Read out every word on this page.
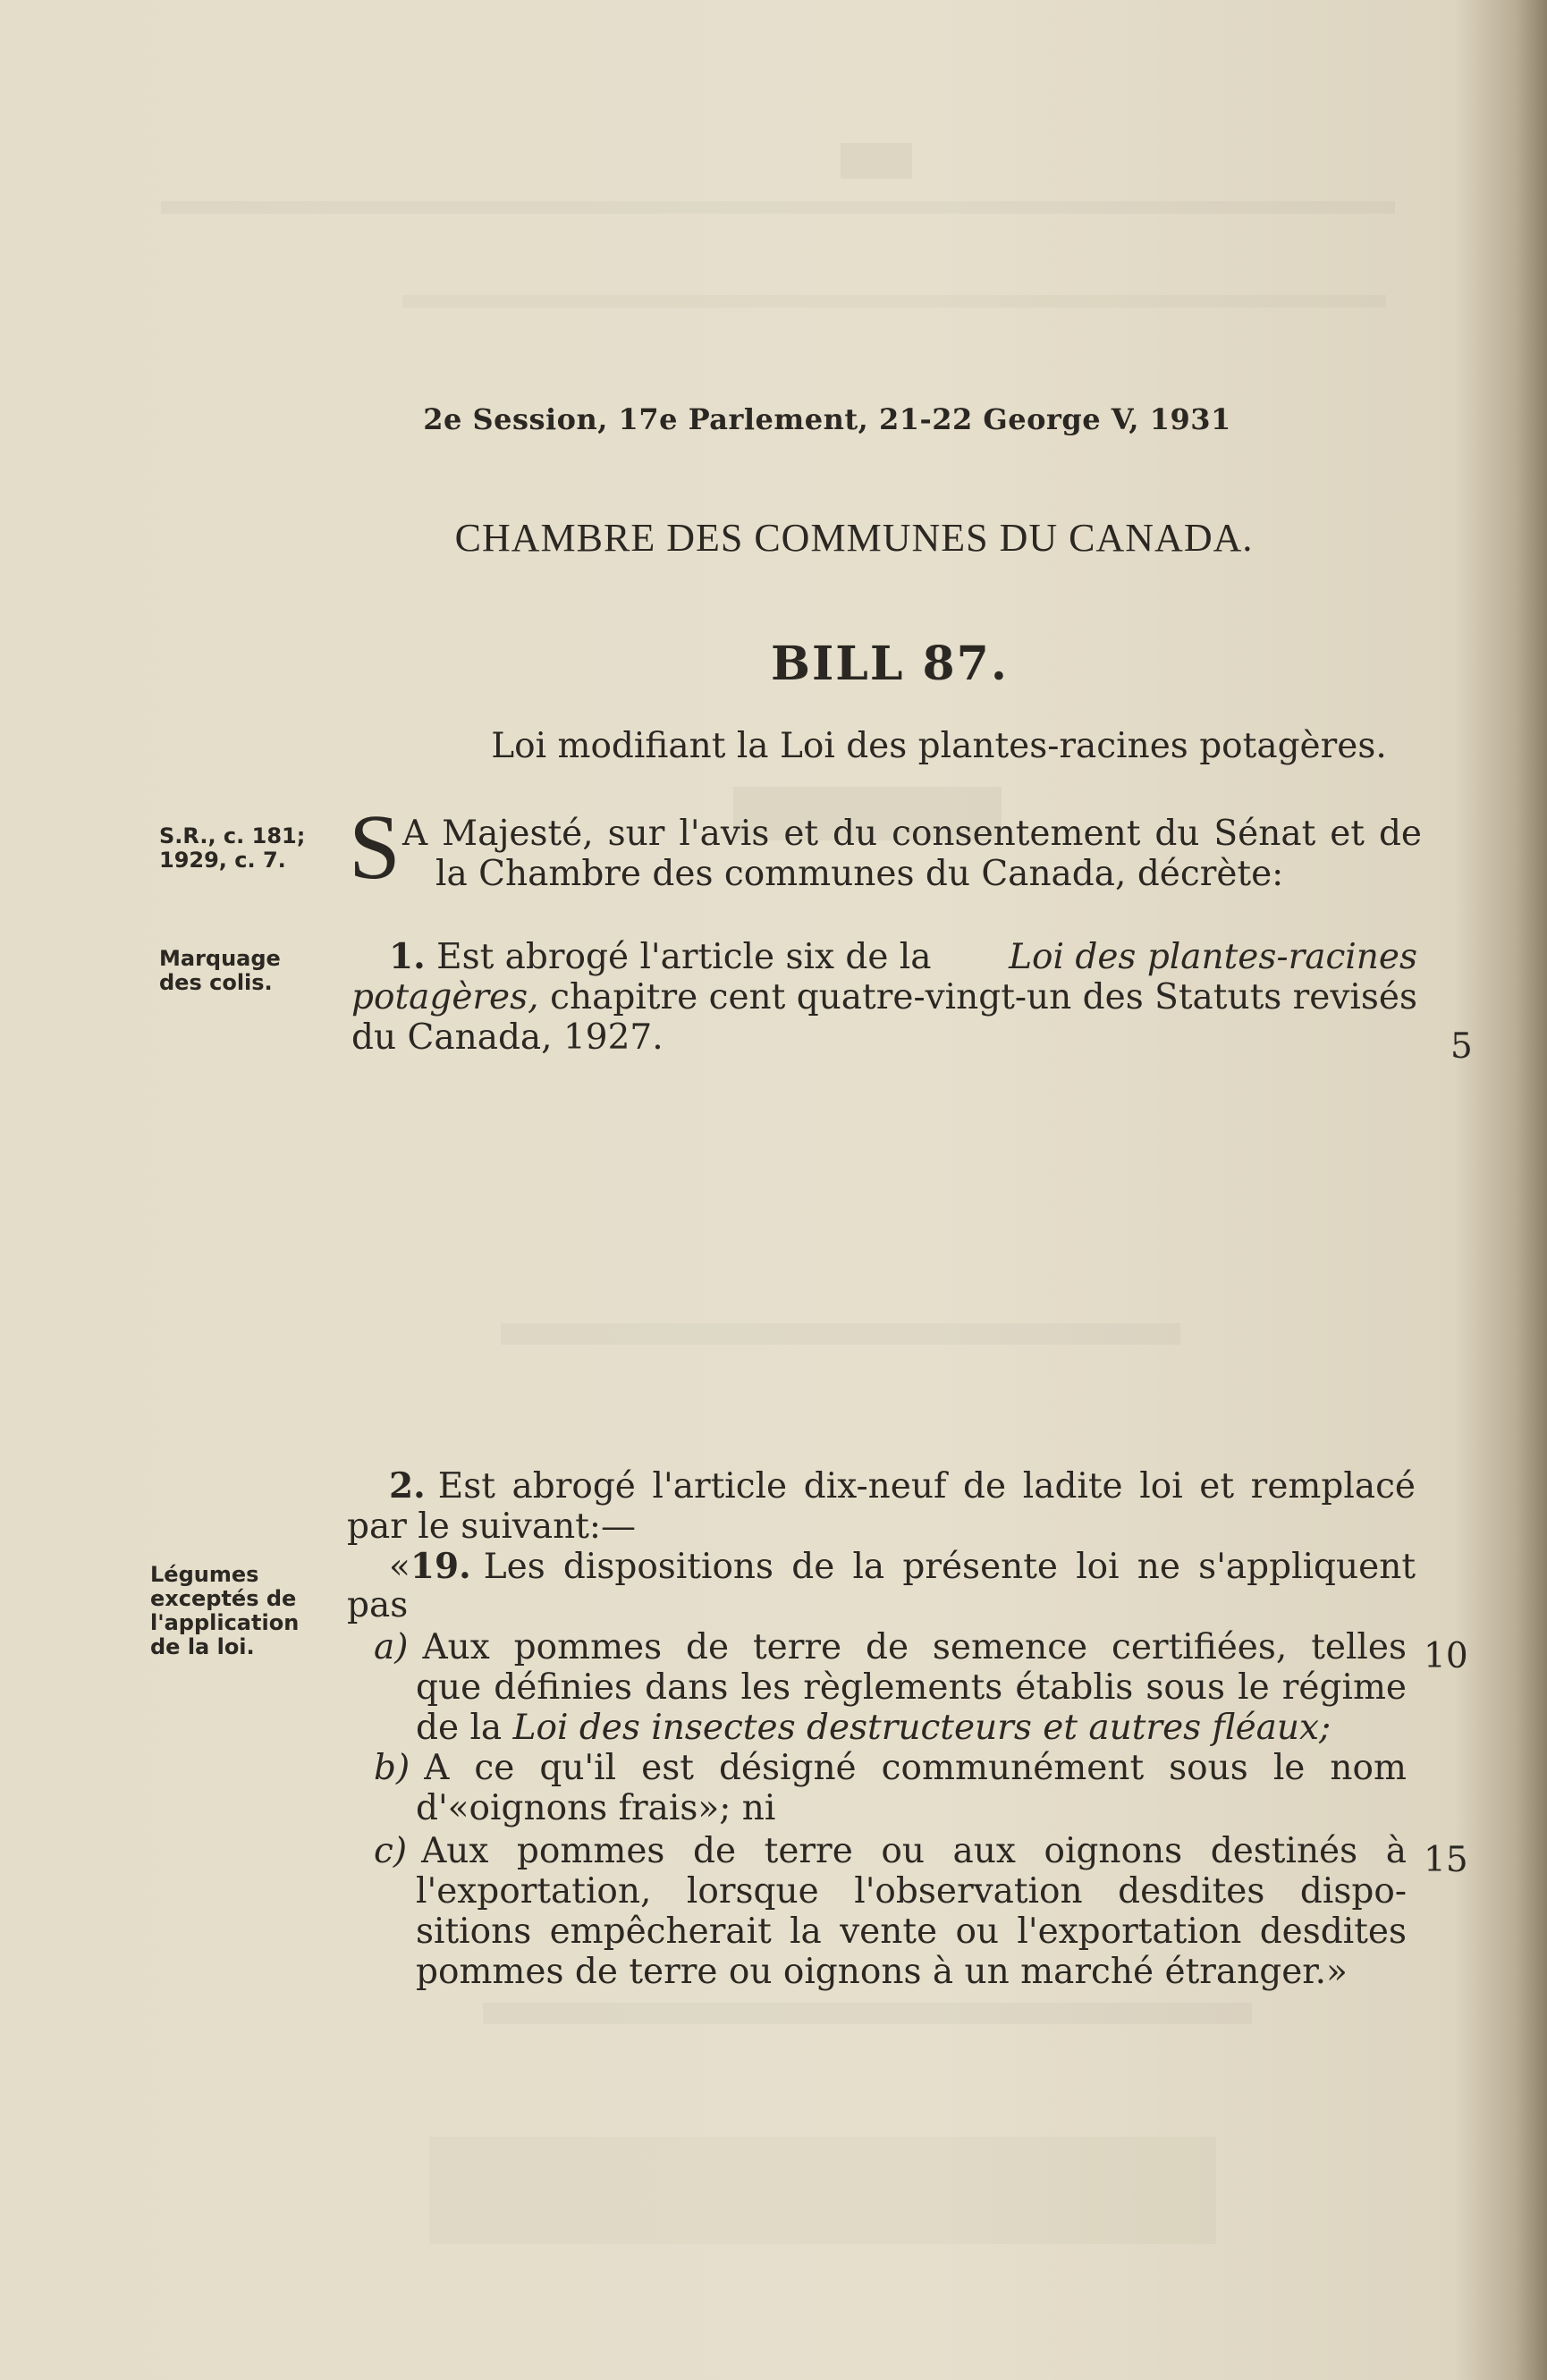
2e Session, 17e Parlement, 21-22 George V, 1931
CHAMBRE DES COMMUNES DU CANADA.
BILL 87.
Loi modifiant la Loi des plantes-racines potagères.
S.R., c. 181;
1929, c. 7.
Marquage
des colis.
Légumes
exceptés de
l'application
de la loi.
S A Majesté, sur l'avis et du consentement du Sénat et de
la Chambre des communes du Canada, décrète:
1. Est abrogé l'article six de la Loi des plantes-racines
potagères, chapitre cent quatre-vingt-un des Statuts revisés
du Canada, 1927.	5
2. Est abrogé l'article dix-neuf de ladite loi et remplacé
par le suivant:—
«19. Les dispositions de la présente loi ne s'appliquent
pas
a) Aux pommes de terre de semence certifiées, telles
que définies dans les règlements établis sous le régime
de la Loi des insectes destructeurs et autres fléaux;
b) A ce qu'il est désigné communément sous le nom
d'«oignons frais»; ni
c) Aux pommes de terre ou aux oignons destinés à
l'exportation, lorsque l'observation desdites dispo-
sitions empêcherait la vente ou l'exportation desdites
pommes de terre ou oignons à un marché étranger.»
10
15
